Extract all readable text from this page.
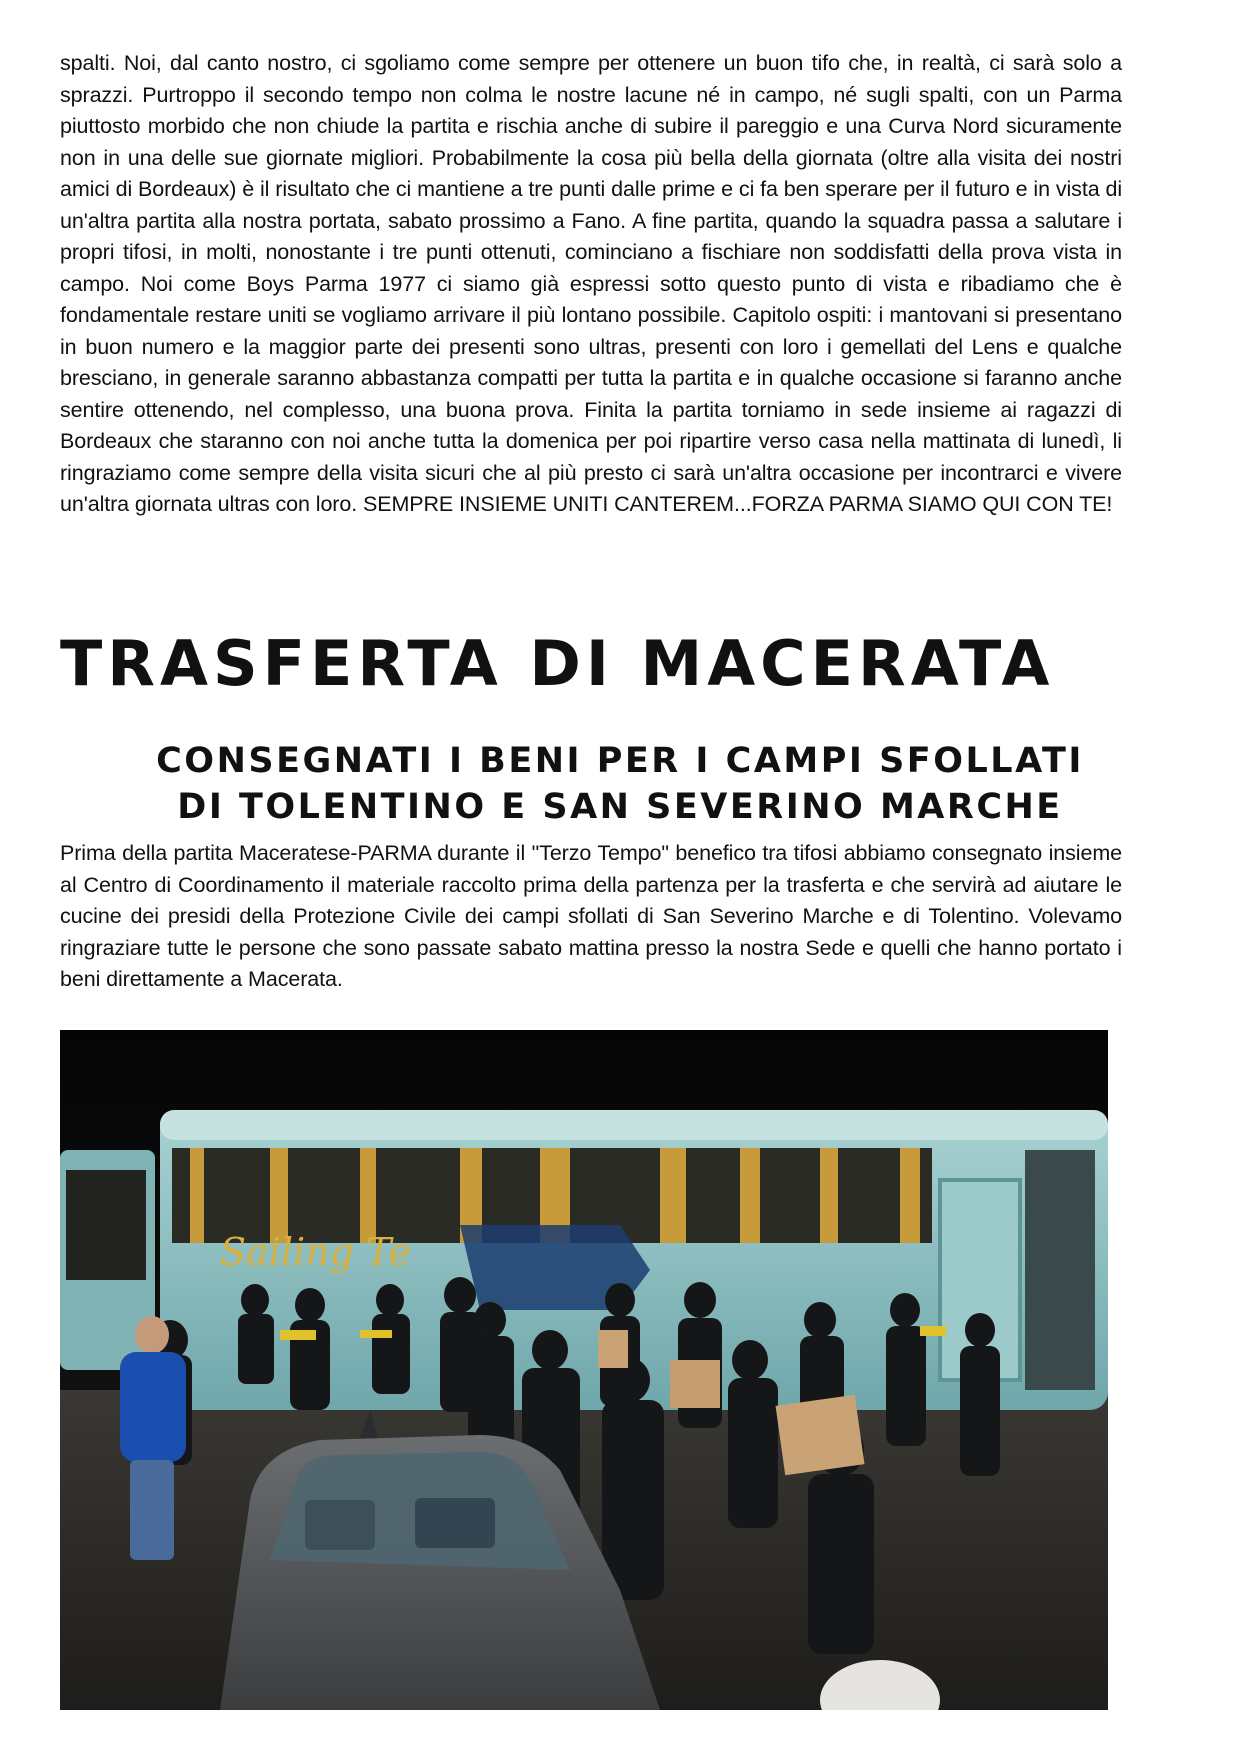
spalti. Noi, dal canto nostro, ci sgoliamo come sempre per ottenere un buon tifo che, in realtà, ci sarà solo a sprazzi. Purtroppo il secondo tempo non colma le nostre lacune né in campo, né sugli spalti, con un Parma piuttosto morbido che non chiude la partita e rischia anche di subire il pareggio e una Curva Nord sicuramente non in una delle sue giornate migliori. Probabilmente la cosa più bella della giornata (oltre alla visita dei nostri amici di Bordeaux) è il risultato che ci mantiene a tre punti dalle prime e ci fa ben sperare per il futuro e in vista di un'altra partita alla nostra portata, sabato prossimo a Fano. A fine partita, quando la squadra passa a salutare i propri tifosi, in molti, nonostante i tre punti ottenuti, cominciano a fischiare non soddisfatti della prova vista in campo. Noi come Boys Parma 1977 ci siamo già espressi sotto questo punto di vista e ribadiamo che è fondamentale restare uniti se vogliamo arrivare il più lontano possibile. Capitolo ospiti: i mantovani si presentano in buon numero e la maggior parte dei presenti sono ultras, presenti con loro i gemellati del Lens e qualche bresciano, in generale saranno abbastanza compatti per tutta la partita e in qualche occasione si faranno anche sentire ottenendo, nel complesso, una buona prova. Finita la partita torniamo in sede insieme ai ragazzi di Bordeaux che staranno con noi anche tutta la domenica per poi ripartire verso casa nella mattinata di lunedì, li ringraziamo come sempre della visita sicuri che al più presto ci sarà un'altra occasione per incontrarci e vivere un'altra giornata ultras con loro. SEMPRE INSIEME UNITI CANTEREM...FORZA PARMA SIAMO QUI CON TE!

TRASFERTA DI MACERATA
CONSEGNATI I BENI PER I CAMPI SFOLLATI
DI TOLENTINO E SAN SEVERINO MARCHE

Prima della partita Maceratese-PARMA durante il "Terzo Tempo" benefico tra tifosi abbiamo consegnato insieme al Centro di Coordinamento il materiale raccolto prima della partenza per la trasferta e che servirà ad aiutare le cucine dei presidi della Protezione Civile dei campi sfollati di San Severino Marche e di Tolentino. Volevamo ringraziare tutte le persone che sono passate sabato mattina presso la nostra Sede e quelli che hanno portato i beni direttamente a Macerata.

Sailing Te
